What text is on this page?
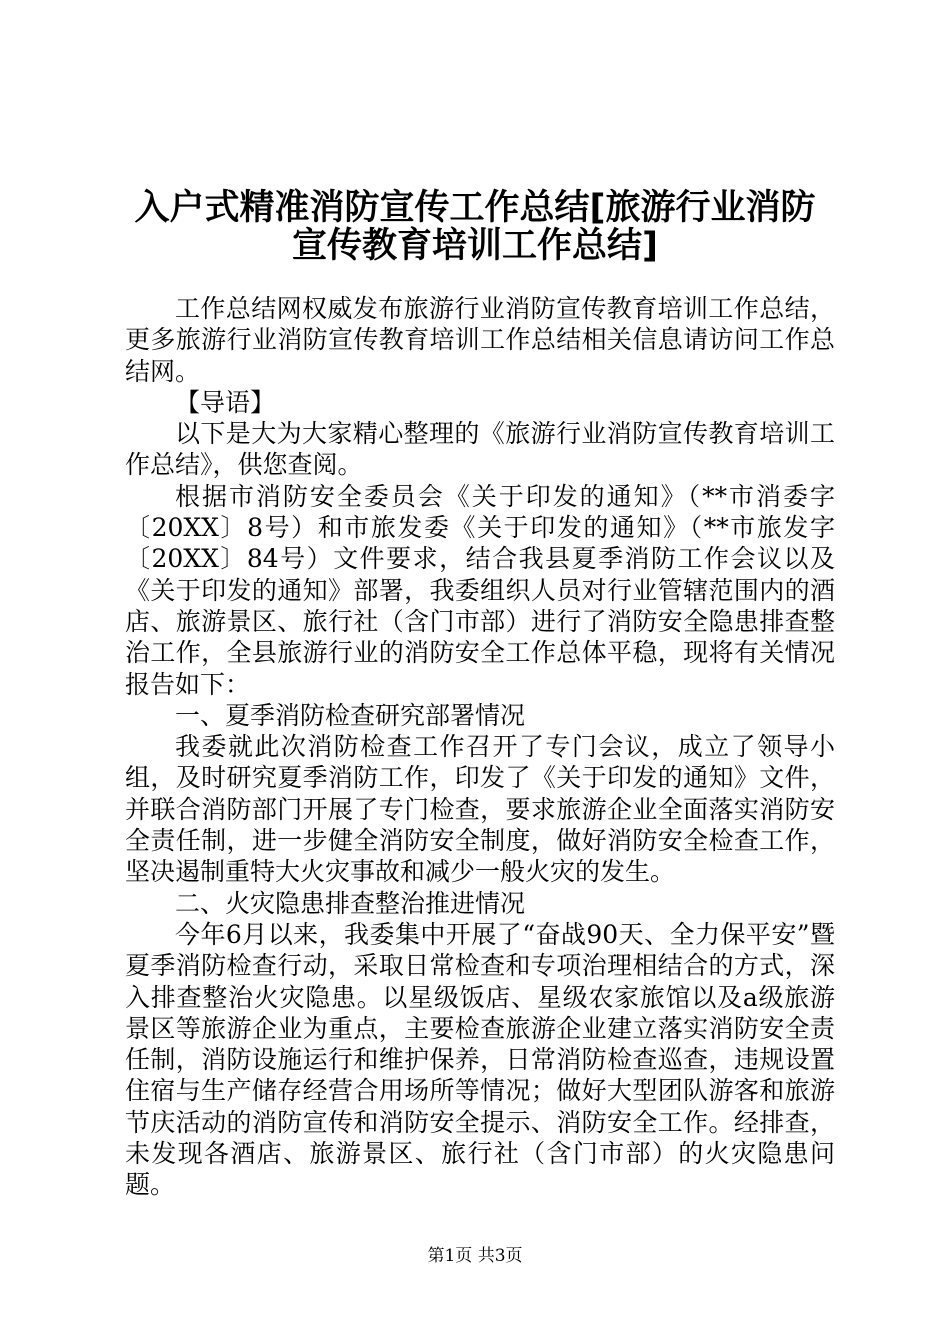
入户式精准消防宣传工作总结[旅游行业消防
宣传教育培训工作总结]

工作总结网权威发布旅游行业消防宣传教育培训工作总结，更多旅游行业消防宣传教育培训工作总结相关信息请访问工作总结网。

【导语】

以下是大为大家精心整理的《旅游行业消防宣传教育培训工作总结》，供您查阅。

根据市消防安全委员会《关于印发的通知》（**市消委字〔20XX〕8号）和市旅发委《关于印发的通知》（**市旅发字〔20XX〕84号）文件要求，结合我县夏季消防工作会议以及《关于印发的通知》部署，我委组织人员对行业管辖范围内的酒店、旅游景区、旅行社（含门市部）进行了消防安全隐患排查整治工作，全县旅游行业的消防安全工作总体平稳，现将有关情况报告如下：

一、夏季消防检查研究部署情况

我委就此次消防检查工作召开了专门会议，成立了领导小组，及时研究夏季消防工作，印发了《关于印发的通知》文件，并联合消防部门开展了专门检查，要求旅游企业全面落实消防安全责任制，进一步健全消防安全制度，做好消防安全检查工作，坚决遏制重特大火灾事故和减少一般火灾的发生。

二、火灾隐患排查整治推进情况

今年6月以来，我委集中开展了“奋战90天、全力保平安”暨夏季消防检查行动，采取日常检查和专项治理相结合的方式，深入排查整治火灾隐患。以星级饭店、星级农家旅馆以及a级旅游景区等旅游企业为重点，主要检查旅游企业建立落实消防安全责任制，消防设施运行和维护保养，日常消防检查巡查，违规设置住宿与生产储存经营合用场所等情况；做好大型团队游客和旅游节庆活动的消防宣传和消防安全提示、消防安全工作。经排查，未发现各酒店、旅游景区、旅行社（含门市部）的火灾隐患问题。

第1页 共3页
